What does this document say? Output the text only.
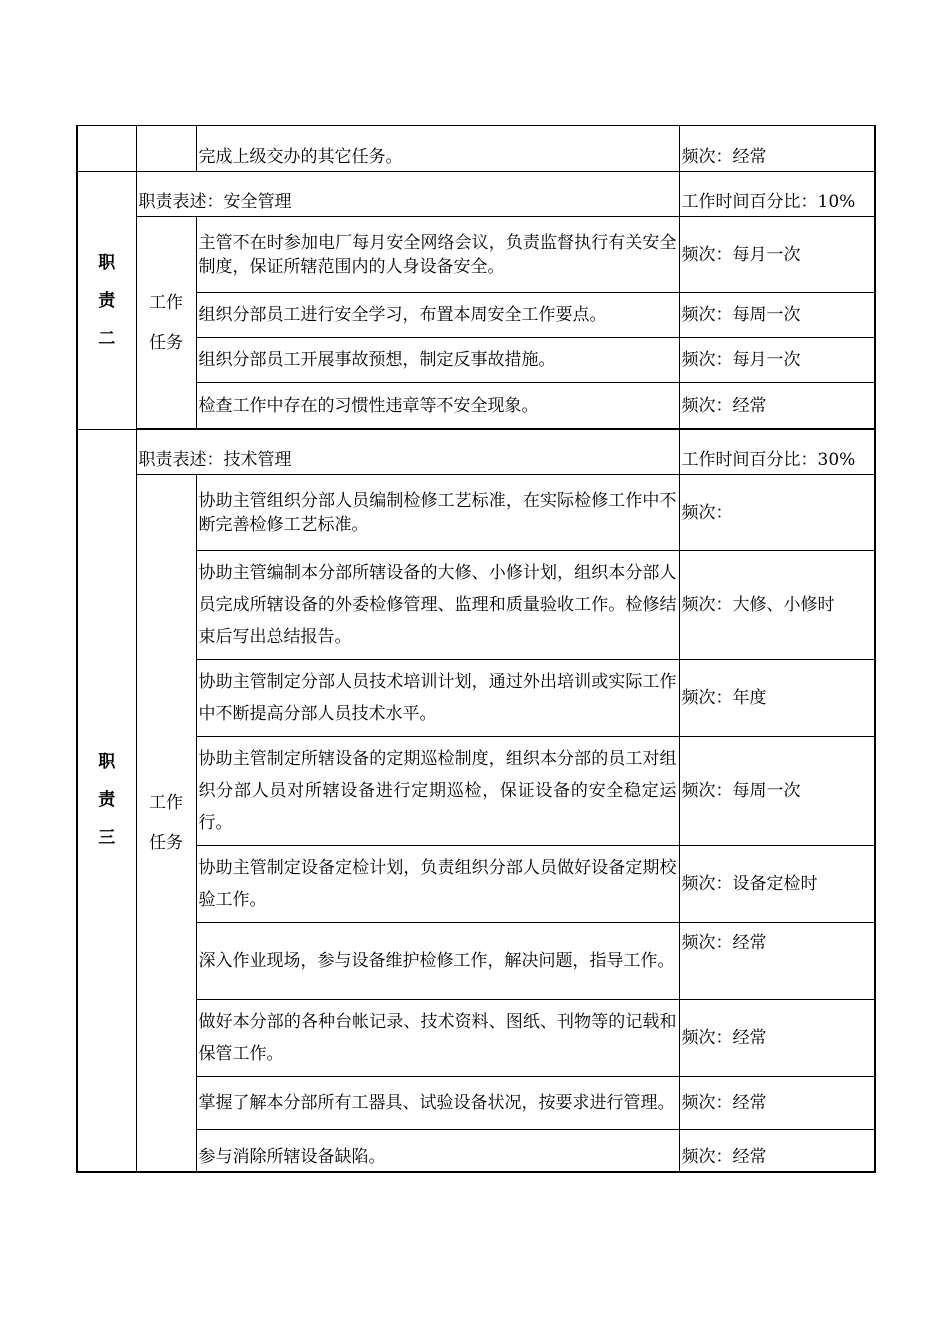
		完成上级交办的其它任务。	频次：经常

职
责
二	职责表述：安全管理		工作时间百分比：10%

	工作
任务	主管不在时参加电厂每月安全网络会议，负责监督执行有关安全制度，保证所辖范围内的人身设备安全。	频次：每月一次
		组织分部员工进行安全学习，布置本周安全工作要点。	频次：每周一次
		组织分部员工开展事故预想，制定反事故措施。	频次：每月一次
		检查工作中存在的习惯性违章等不安全现象。	频次：经常

职
责
三	职责表述：技术管理		工作时间百分比：30%

	工作
任务	协助主管组织分部人员编制检修工艺标准，在实际检修工作中不断完善检修工艺标准。	频次：
		协助主管编制本分部所辖设备的大修、小修计划，组织本分部人员完成所辖设备的外委检修管理、监理和质量验收工作。检修结束后写出总结报告。	频次：大修、小修时
		协助主管制定分部人员技术培训计划，通过外出培训或实际工作中不断提高分部人员技术水平。	频次：年度
		协助主管制定所辖设备的定期巡检制度，组织本分部的员工对组织分部人员对所辖设备进行定期巡检，保证设备的安全稳定运行。	频次：每周一次
		协助主管制定设备定检计划，负责组织分部人员做好设备定期校验工作。	频次：设备定检时
		深入作业现场，参与设备维护检修工作，解决问题，指导工作。	频次：经常
		做好本分部的各种台帐记录、技术资料、图纸、刊物等的记载和保管工作。	频次：经常
		掌握了解本分部所有工器具、试验设备状况，按要求进行管理。	频次：经常
		参与消除所辖设备缺陷。	频次：经常
